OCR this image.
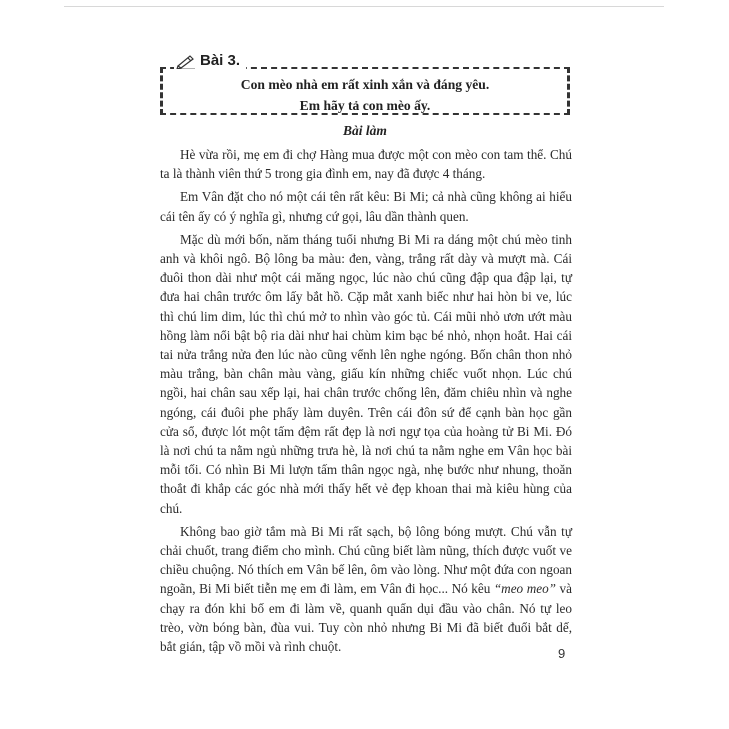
Bài 3.
Con mèo nhà em rất xinh xắn và đáng yêu.
Em hãy tả con mèo ấy.
Bài làm

Hè vừa rồi, mẹ em đi chợ Hàng mua được một con mèo con tam thể. Chú ta là thành viên thứ 5 trong gia đình em, nay đã được 4 tháng.

Em Vân đặt cho nó một cái tên rất kêu: Bi Mi; cả nhà cũng không ai hiểu cái tên ấy có ý nghĩa gì, nhưng cứ gọi, lâu dần thành quen.

Mặc dù mới bốn, năm tháng tuổi nhưng Bi Mi ra dáng một chú mèo tinh anh và khôi ngô. Bộ lông ba màu: đen, vàng, trắng rất dày và mượt mà. Cái đuôi thon dài như một cái măng ngọc, lúc nào chú cũng đập qua đập lại, tự đưa hai chân trước ôm lấy bắt hồ. Cặp mắt xanh biếc như hai hòn bi ve, lúc thì chú lim dim, lúc thì chú mở to nhìn vào góc tủ. Cái mũi nhỏ ươn ướt màu hồng làm nổi bật bộ ria dài như hai chùm kim bạc bé nhỏ, nhọn hoắt. Hai cái tai nửa trắng nửa đen lúc nào cũng vểnh lên nghe ngóng. Bốn chân thon nhỏ màu trắng, bàn chân màu vàng, giấu kín những chiếc vuốt nhọn. Lúc chú ngồi, hai chân sau xếp lại, hai chân trước chống lên, đăm chiêu nhìn và nghe ngóng, cái đuôi phe phẩy làm duyên. Trên cái đôn sứ để cạnh bàn học gần cửa sổ, được lót một tấm đệm rất đẹp là nơi ngự tọa của hoàng tử Bi Mi. Đó là nơi chú ta nằm ngủ những trưa hè, là nơi chú ta nằm nghe em Vân học bài mỗi tối. Có nhìn Bi Mi lượn tấm thân ngọc ngà, nhẹ bước như nhung, thoăn thoắt đi khắp các góc nhà mới thấy hết vẻ đẹp khoan thai mà kiêu hùng của chú.

Không bao giờ tắm mà Bi Mi rất sạch, bộ lông bóng mượt. Chú vẫn tự chải chuốt, trang điểm cho mình. Chú cũng biết làm nũng, thích được vuốt ve chiều chuộng. Nó thích em Vân bế lên, ôm vào lòng. Như một đứa con ngoan ngoãn, Bi Mi biết tiễn mẹ em đi làm, em Vân đi học... Nó kêu “meo meo” và chạy ra đón khi bố em đi làm về, quanh quẩn dụi đầu vào chân. Nó tự leo trèo, vờn bóng bàn, đùa vui. Tuy còn nhỏ nhưng Bi Mi đã biết đuổi bắt dế, bắt gián, tập vồ mồi và rình chuột.	9
